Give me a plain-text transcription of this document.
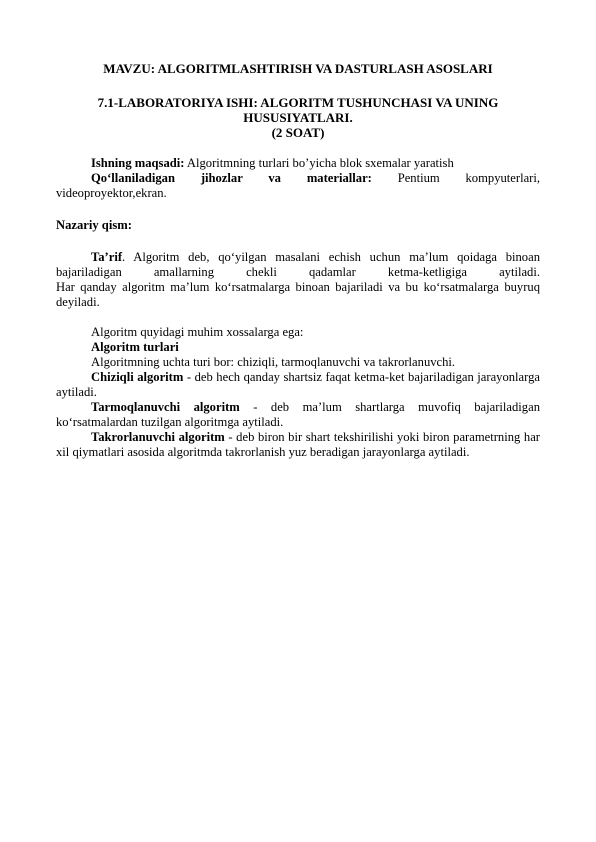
MAVZU: ALGORITMLASHTIRISH VA DASTURLASH ASOSLARI
7.1-LABORATORIYA ISHI: ALGORITM TUSHUNCHASI VA UNING
HUSUSIYATLARI.
(2 SOAT)
Ishning maqsadi: Algoritmning turlari bo’yicha blok sxemalar yaratish

Qo‘llaniladigan jihozlar va materiallar: Pentium kompyuterlari,

videoproyektor,ekran.

Nazariy qism:

Ta’rif. Algoritm deb, qo‘yilgan masalani echish uchun ma’lum qoidaga binoan

bajariladigan amallarning chekli qadamlar ketma-ketligiga aytiladi.

Har qanday algoritm ma’lum ko‘rsatmalarga binoan bajariladi va bu ko‘rsatmalarga buyruq deyiladi.

Algoritm quyidagi muhim xossalarga ega:
Algoritm turlari
Algoritmning uchta turi bor: chiziqli, tarmoqlanuvchi va takrorlanuvchi.
Chiziqli algoritm - deb hech qanday shartsiz faqat ketma-ket bajariladigan jarayonlarga aytiladi.
Tarmoqlanuvchi algoritm - deb ma’lum shartlarga muvofiq bajariladigan ko‘rsatmalardan tuzilgan algoritmga aytiladi.
Takrorlanuvchi algoritm - deb biron bir shart tekshirilishi yoki biron parametrning har xil qiymatlari asosida algoritmda takrorlanish yuz beradigan jarayonlarga aytiladi.
